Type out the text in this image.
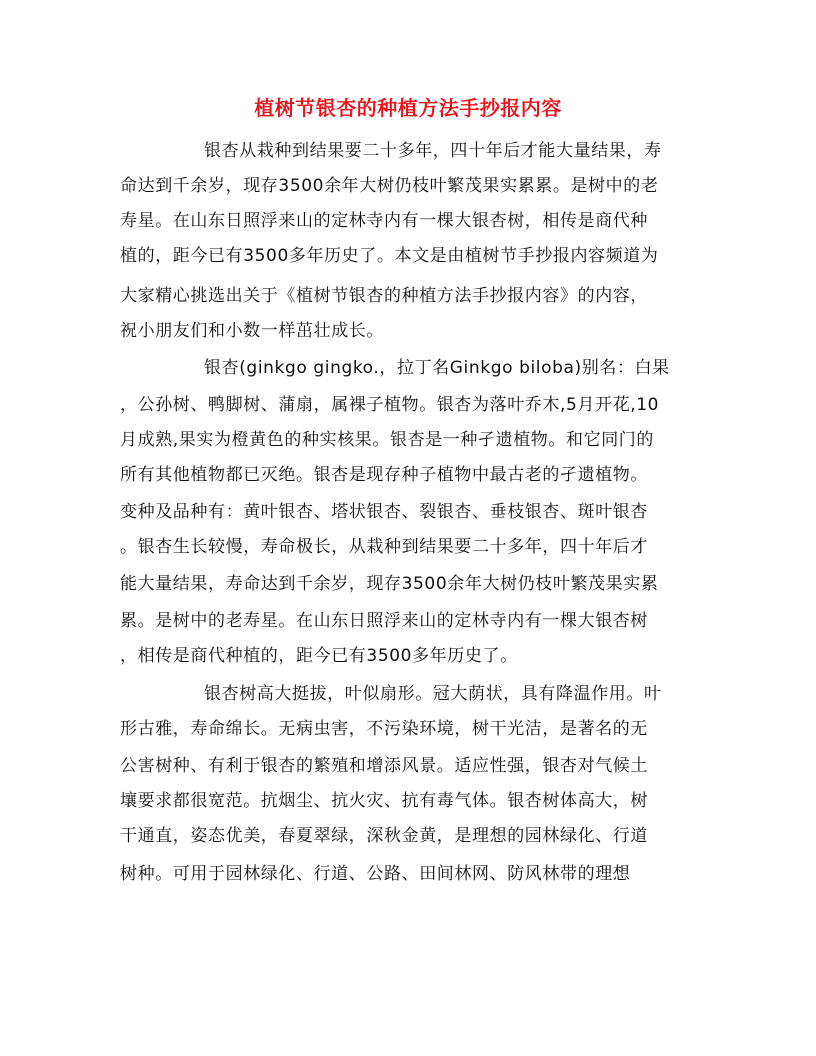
植树节银杏的种植方法手抄报内容
银杏从栽种到结果要二十多年，四十年后才能大量结果，寿
命达到千余岁，现存3500余年大树仍枝叶繁茂果实累累。是树中的老
寿星。在山东日照浮来山的定林寺内有一棵大银杏树，相传是商代种
植的，距今已有3500多年历史了。本文是由植树节手抄报内容频道为
大家精心挑选出关于《植树节银杏的种植方法手抄报内容》的内容，
祝小朋友们和小数一样茁壮成长。
银杏(ginkgo gingko.，拉丁名Ginkgo biloba)别名：白果
，公孙树、鸭脚树、蒲扇，属裸子植物。银杏为落叶乔木,5月开花,10
月成熟,果实为橙黄色的种实核果。银杏是一种孑遗植物。和它同门的
所有其他植物都已灭绝。银杏是现存种子植物中最古老的孑遗植物。
变种及品种有：黄叶银杏、塔状银杏、裂银杏、垂枝银杏、斑叶银杏
。银杏生长较慢，寿命极长，从栽种到结果要二十多年，四十年后才
能大量结果，寿命达到千余岁，现存3500余年大树仍枝叶繁茂果实累
累。是树中的老寿星。在山东日照浮来山的定林寺内有一棵大银杏树
，相传是商代种植的，距今已有3500多年历史了。
银杏树高大挺拔，叶似扇形。冠大荫状，具有降温作用。叶
形古雅，寿命绵长。无病虫害，不污染环境，树干光洁，是著名的无
公害树种、有利于银杏的繁殖和增添风景。适应性强，银杏对气候土
壤要求都很宽范。抗烟尘、抗火灾、抗有毒气体。银杏树体高大，树
干通直，姿态优美，春夏翠绿，深秋金黄，是理想的园林绿化、行道
树种。可用于园林绿化、行道、公路、田间林网、防风林带的理想
